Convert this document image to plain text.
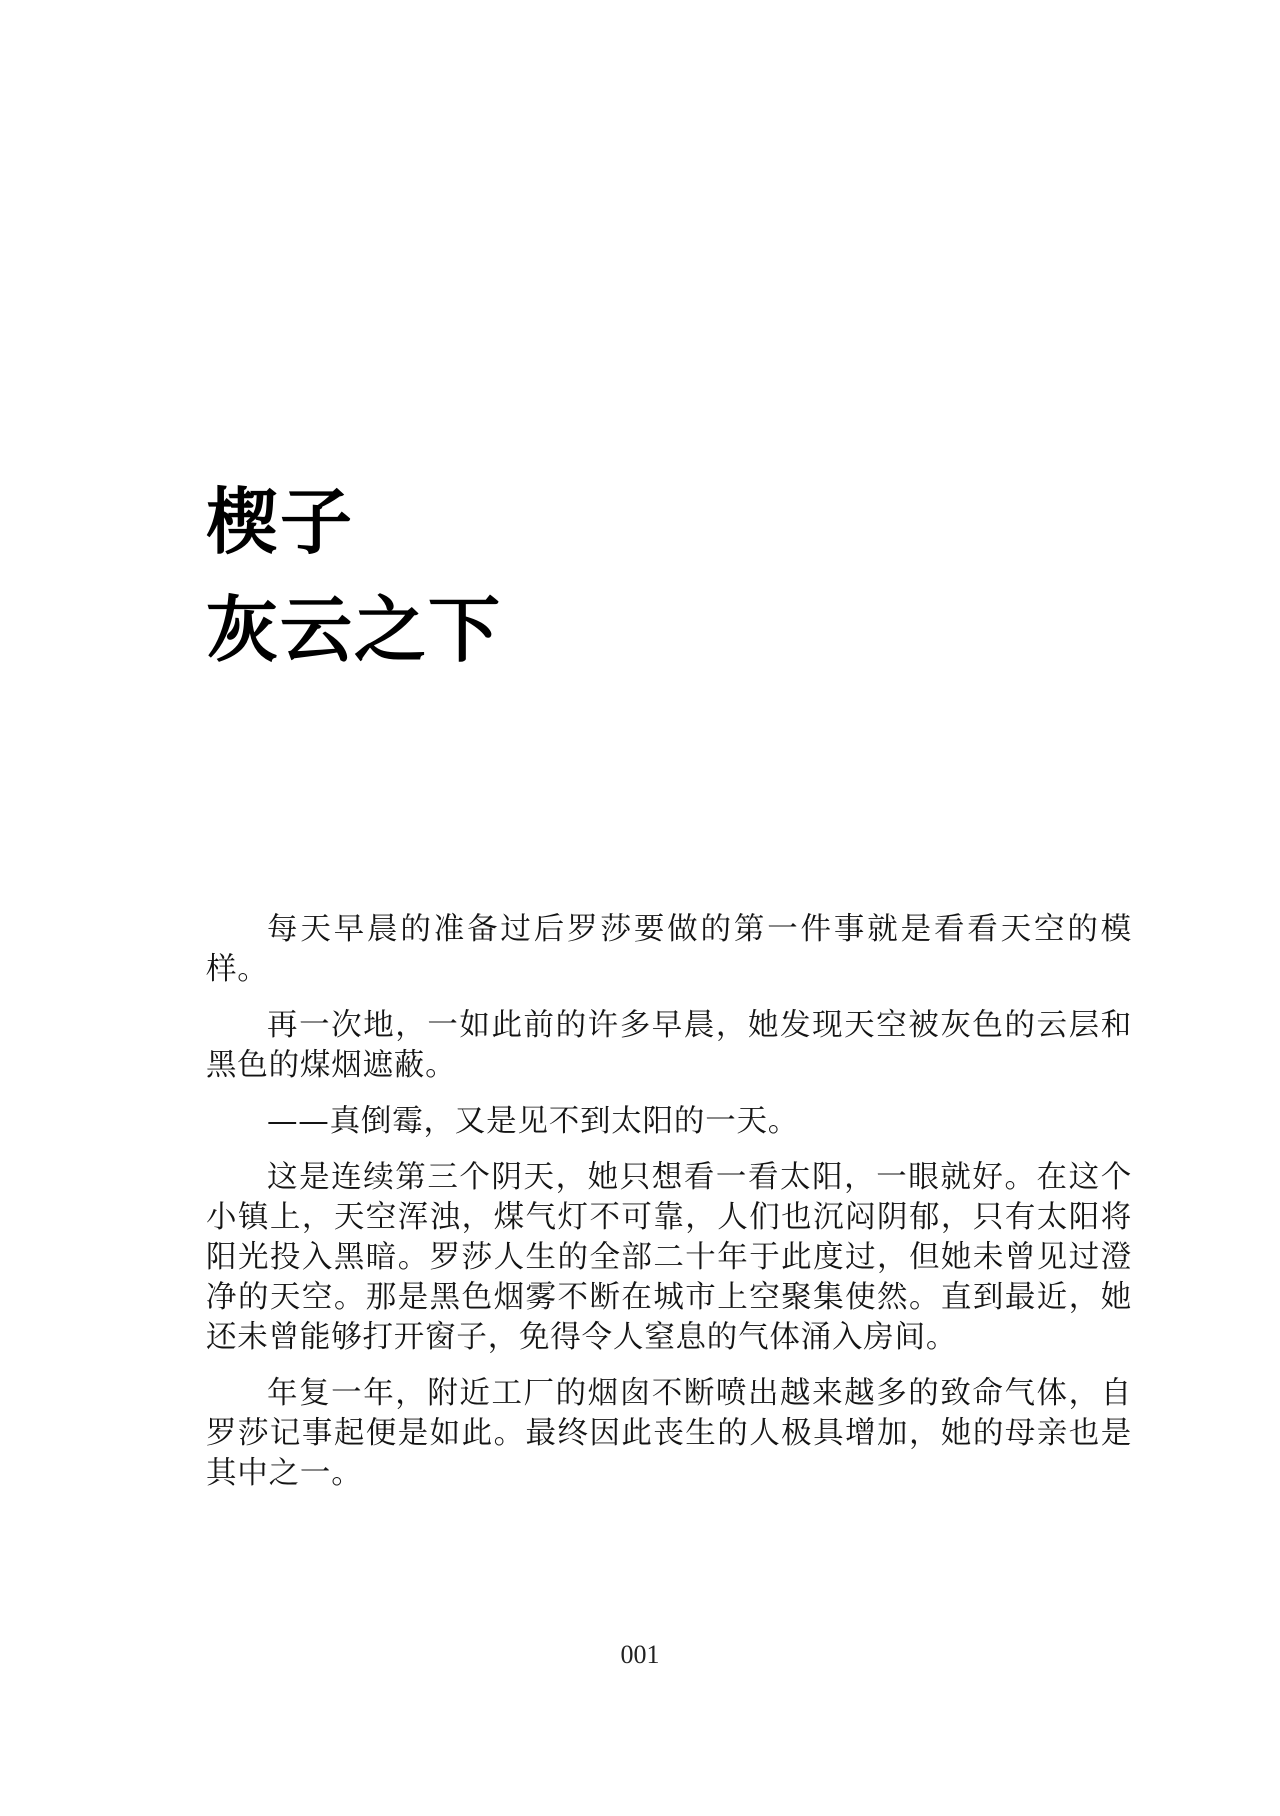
楔子
灰云之下

每天早晨的准备过后罗莎要做的第一件事就是看看天空的模样。

再一次地，一如此前的许多早晨，她发现天空被灰色的云层和黑色的煤烟遮蔽。

——真倒霉，又是见不到太阳的一天。

这是连续第三个阴天，她只想看一看太阳，一眼就好。在这个小镇上，天空浑浊，煤气灯不可靠，人们也沉闷阴郁，只有太阳将阳光投入黑暗。罗莎人生的全部二十年于此度过，但她未曾见过澄净的天空。那是黑色烟雾不断在城市上空聚集使然。直到最近，她还未曾能够打开窗子，免得令人窒息的气体涌入房间。

年复一年，附近工厂的烟囱不断喷出越来越多的致命气体，自罗莎记事起便是如此。最终因此丧生的人极具增加，她的母亲也是其中之一。

001
